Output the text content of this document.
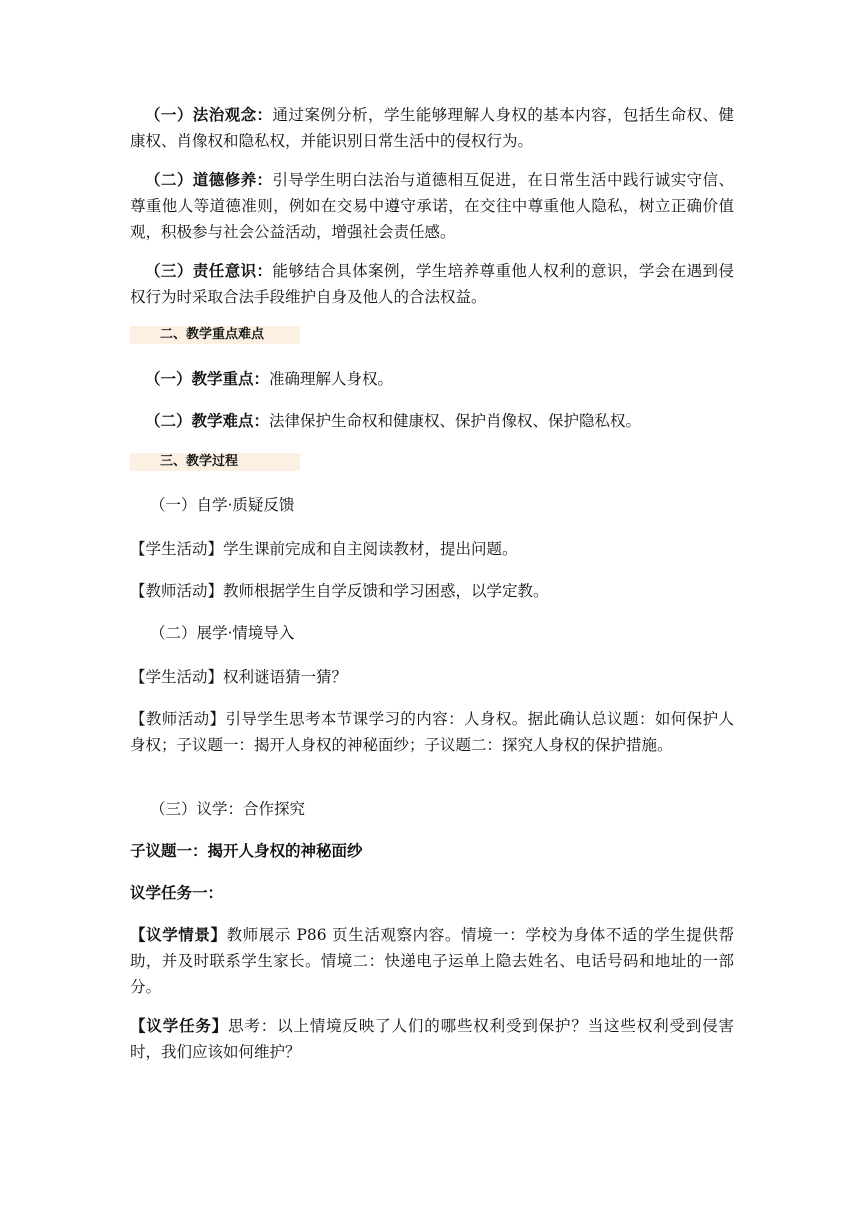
（一）法治观念：通过案例分析，学生能够理解人身权的基本内容，包括生命权、健康权、肖像权和隐私权，并能识别日常生活中的侵权行为。

（二）道德修养：引导学生明白法治与道德相互促进，在日常生活中践行诚实守信、尊重他人等道德准则，例如在交易中遵守承诺，在交往中尊重他人隐私，树立正确价值观，积极参与社会公益活动，增强社会责任感。

（三）责任意识：能够结合具体案例，学生培养尊重他人权利的意识，学会在遇到侵权行为时采取合法手段维护自身及他人的合法权益。

二、教学重点难点

（一）教学重点：准确理解人身权。

（二）教学难点：法律保护生命权和健康权、保护肖像权、保护隐私权。

三、教学过程
（一）自学·质疑反馈

【学生活动】学生课前完成和自主阅读教材，提出问题。

【教师活动】教师根据学生自学反馈和学习困惑，以学定教。

（二）展学·情境导入

【学生活动】权利谜语猜一猜？

【教师活动】引导学生思考本节课学习的内容：人身权。据此确认总议题：如何保护人身权；子议题一：揭开人身权的神秘面纱；子议题二：探究人身权的保护措施。

（三）议学：合作探究
子议题一：揭开人身权的神秘面纱
议学任务一：

【议学情景】教师展示 P86 页生活观察内容。情境一：学校为身体不适的学生提供帮助，并及时联系学生家长。情境二：快递电子运单上隐去姓名、电话号码和地址的一部分。

【议学任务】思考：以上情境反映了人们的哪些权利受到保护？当这些权利受到侵害时，我们应该如何维护？
